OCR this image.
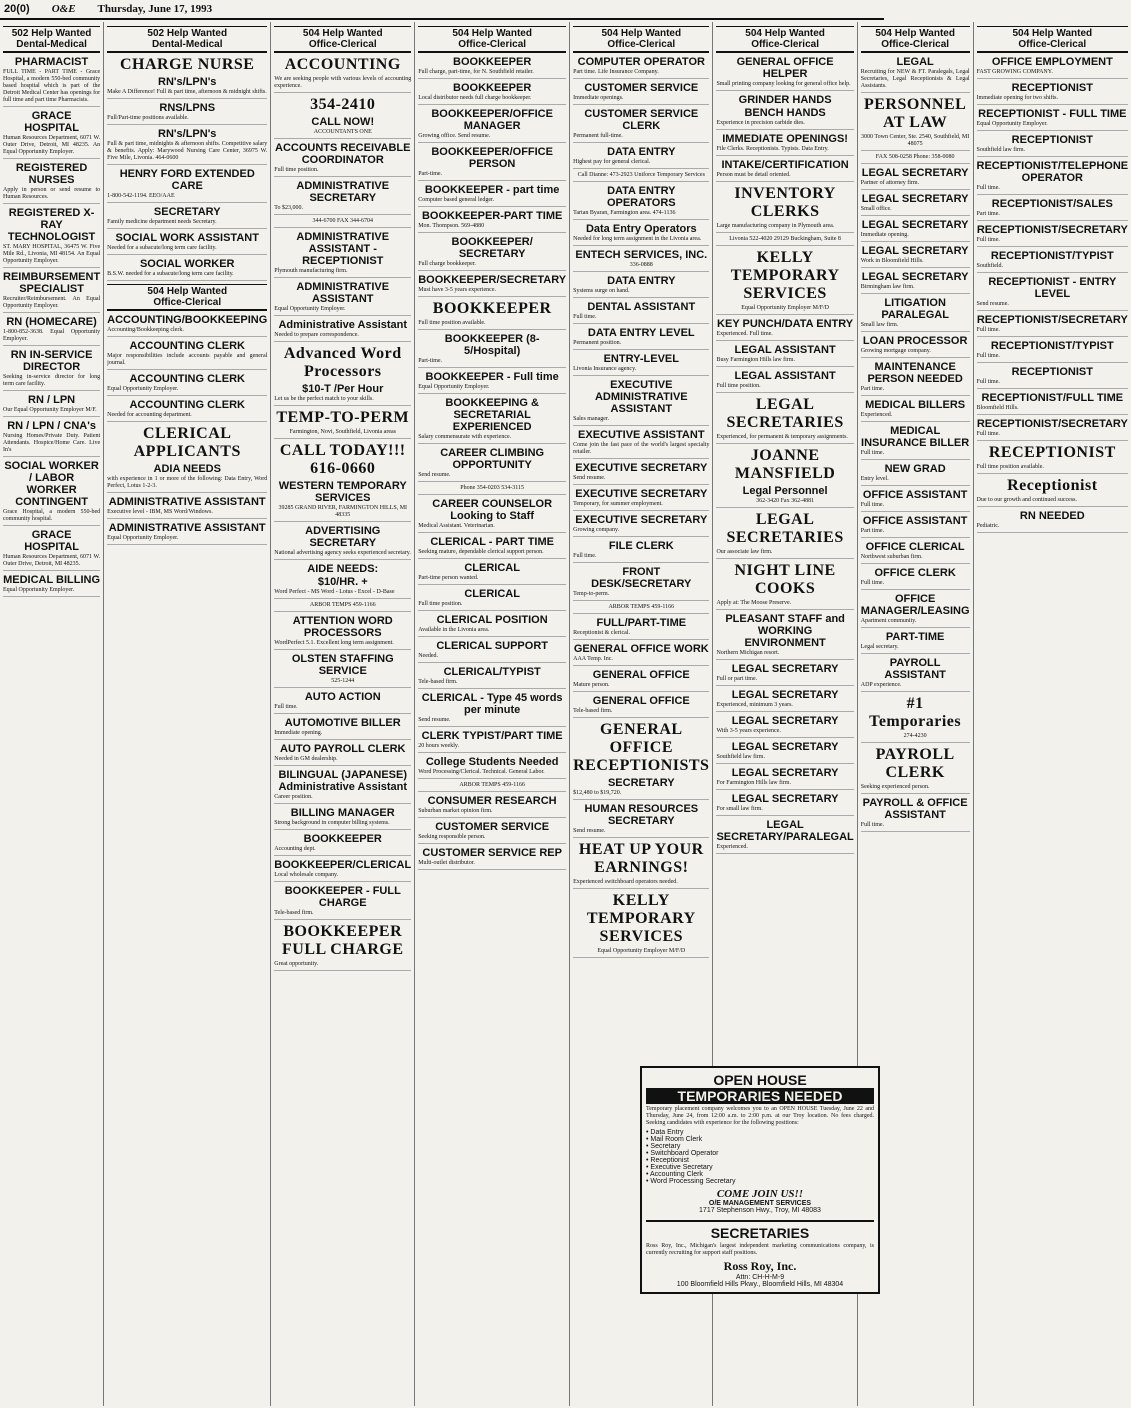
20(0) O&E Thursday, June 17, 1993
502 Help Wanted
Dental-Medical
PHARMACIST
FULL TIME - PART TIME - Grace Hospital, a modern 550-bed community based hospital which is part of the Detroit Medical Center has openings for full time and part time Pharmacists.
GRACE HOSPITAL
Human Resources Department, 6071 W. Outer Drive, Detroit, MI 48235. An Equal Opportunity Employer.
REGISTERED NURSES
Apply in person or send resume to Human Resources.
REGISTERED X-RAY TECHNOLOGIST
ST. MARY HOSPITAL, 36475 W. Five Mile Rd., Livonia, MI 48154. An Equal Opportunity Employer.
REIMBURSEMENT SPECIALIST
Recruiter/Reimbursement. An Equal Opportunity Employer.
RN (HOMECARE)
1-800-852-3638. Equal Opportunity Employer.
RN IN-SERVICE DIRECTOR
Seeking in-service director for long term care facility.
RN / LPN
Our Equal Opportunity Employer M/F.
RN / LPN / CNA's
Nursing Homes/Private Duty. Patient Attendants. Hospice/Home Care. Live In's
SOCIAL WORKER / LABOR WORKER CONTINGENT
Grace Hospital, a modern 550-bed community hospital.
GRACE HOSPITAL
Human Resources Department, 6071 W. Outer Drive, Detroit, MI 48235.
MEDICAL BILLING
Equal Opportunity Employer.
502 Help Wanted
Dental-Medical
CHARGE NURSE
RN's/LPN's
Make A Difference! Full & part time, afternoon & midnight shifts.
RNS/LPNS
Full/Part-time positions available.
RN's/LPN's
Full & part time, midnights & afternoon shifts. Competitive salary & benefits. Apply: Marywood Nursing Care Center, 36975 W. Five Mile, Livonia. 464-0600
HENRY FORD EXTENDED CARE
1-800-542-1194. EEO/AAE
SECRETARY
Family medicine department needs Secretary.
SOCIAL WORK ASSISTANT
Needed for a subacute/long term care facility.
SOCIAL WORKER
B.S.W. needed for a subacute/long term care facility.
504 Help Wanted
Office-Clerical
ACCOUNTING/BOOKKEEPING
Accounting/Bookkeeping clerk.
ACCOUNTING CLERK
Major responsibilities include accounts payable and general journal.
ACCOUNTING CLERK
Equal Opportunity Employer.
ACCOUNTING CLERK
Needed for accounting department.
CLERICAL APPLICANTS
ADIA NEEDS
with experience in 1 or more of the following: Data Entry, Word Perfect, Lotus 1-2-3.
ADMINISTRATIVE ASSISTANT
Executive level - IBM, MS Word/Windows.
ADMINISTRATIVE ASSISTANT
Equal Opportunity Employer.
504 Help Wanted
Office-Clerical
ACCOUNTING
We are seeking people with various levels of accounting experience.
354-2410
CALL NOW!
ACCOUNTANTS ONE
ACCOUNTS RECEIVABLE COORDINATOR
Full time position.
ADMINISTRATIVE SECRETARY
To $23,000.
344-6700 FAX 344-6704
ADMINISTRATIVE ASSISTANT - RECEPTIONIST
Plymouth manufacturing firm.
ADMINISTRATIVE ASSISTANT
Equal Opportunity Employer.
Administrative Assistant
Needed to prepare correspondence.
Advanced Word Processors
$10-T /Per Hour
Let us be the perfect match to your skills.
TEMP-TO-PERM
Farmington, Novi, Southfield, Livonia areas
CALL TODAY!!! 616-0660
WESTERN TEMPORARY SERVICES
39285 GRAND RIVER, FARMINGTON HILLS, MI 48335
ADVERTISING SECRETARY
National advertising agency seeks experienced secretary.
AIDE NEEDS:
$10/HR. +
Word Perfect - MS Word - Lotus - Excel - D-Base
ARBOR TEMPS 459-1166
ATTENTION WORD PROCESSORS
WordPerfect 5.1. Excellent long term assignment.
OLSTEN STAFFING SERVICE
525-1244
AUTO ACTION
Full time.
AUTOMOTIVE BILLER
Immediate opening.
AUTO PAYROLL CLERK
Needed in GM dealership.
BILINGUAL (JAPANESE) Administrative Assistant
Career position.
BILLING MANAGER
Strong background in computer billing systems.
BOOKKEEPER
Accounting dept.
BOOKKEEPER/CLERICAL
Local wholesale company.
BOOKKEEPER - FULL CHARGE
Tele-based firm.
BOOKKEEPER FULL CHARGE
Great opportunity.
504 Help Wanted
Office-Clerical
BOOKKEEPER
Full charge, part-time, for N. Southfield retailer.
BOOKKEEPER
Local distributor needs full charge bookkeeper.
BOOKKEEPER/OFFICE MANAGER
Growing office. Send resume.
BOOKKEEPER/OFFICE PERSON
Part-time.
BOOKKEEPER - part time
Computer based general ledger.
BOOKKEEPER-PART TIME
Mon. Thompson. 569-4880
BOOKKEEPER/ SECRETARY
Full charge bookkeeper.
BOOKKEEPER/SECRETARY
Must have 3-5 years experience.
BOOKKEEPER
Full time position available.
BOOKKEEPER (8-5/Hospital)
Part-time.
BOOKKEEPER - Full time
Equal Opportunity Employer.
BOOKKEEPING & SECRETARIAL EXPERIENCED
Salary commensurate with experience.
CAREER CLIMBING OPPORTUNITY
Send resume.
Phone 354-0203 534-3115
CAREER COUNSELOR Looking to Staff
Medical Assistant. Veterinarian.
CLERICAL - PART TIME
Seeking mature, dependable clerical support person.
CLERICAL
Part-time person wanted.
CLERICAL
Full time position.
CLERICAL POSITION
Available in the Livonia area.
CLERICAL SUPPORT
Needed.
CLERICAL/TYPIST
Tele-based firm.
CLERICAL - Type 45 words per minute
Send resume.
CLERK TYPIST/PART TIME
20 hours weekly.
College Students Needed
Word Processing/Clerical. Technical. General Labor.
ARBOR TEMPS 459-1166
CONSUMER RESEARCH
Suburban market opinion firm.
CUSTOMER SERVICE
Seeking responsible person.
CUSTOMER SERVICE REP
Multi-outlet distributor.
504 Help Wanted
Office-Clerical
COMPUTER OPERATOR
Part time. Life Insurance Company.
CUSTOMER SERVICE
Immediate openings.
CUSTOMER SERVICE CLERK
Permanent full-time.
DATA ENTRY
Highest pay for general clerical.
Call Dianne: 473-2923 Uniforce Temporary Services
DATA ENTRY OPERATORS
Tartan Byaran, Farmington area. 474-1136
Data Entry Operators
Needed for long term assignment in the Livonia area.
ENTECH SERVICES, INC.
336-0888
DATA ENTRY
Systems surge on hand.
DENTAL ASSISTANT
Full time.
DATA ENTRY LEVEL
Permanent position.
ENTRY-LEVEL
Livonia Insurance agency.
EXECUTIVE ADMINISTRATIVE ASSISTANT
Sales manager.
EXECUTIVE ASSISTANT
Come join the fast pace of the world's largest specialty retailer.
EXECUTIVE SECRETARY
Send resume.
EXECUTIVE SECRETARY
Temporary, for summer employment.
EXECUTIVE SECRETARY
Growing company.
FILE CLERK
Full time.
FRONT DESK/SECRETARY
Temp-to-perm.
ARBOR TEMPS 459-1166
FULL/PART-TIME
Receptionist & clerical.
GENERAL OFFICE WORK
AAA Temp. Inc.
GENERAL OFFICE
Mature person.
GENERAL OFFICE
Tele-based firm.
GENERAL OFFICE RECEPTIONISTS
SECRETARY
$12,480 to $19,720.
HUMAN RESOURCES SECRETARY
Send resume.
HEAT UP YOUR EARNINGS!
Experienced switchboard operators needed.
KELLY TEMPORARY SERVICES
Equal Opportunity Employer M/F/D
504 Help Wanted
Office-Clerical
GENERAL OFFICE HELPER
Small printing company looking for general office help.
GRINDER HANDS
BENCH HANDS
Experience in precision carbide dies.
IMMEDIATE OPENINGS!
File Clerks. Receptionists. Typists. Data Entry.
INTAKE/CERTIFICATION
Person must be detail oriented.
INVENTORY CLERKS
Large manufacturing company in Plymouth area.
Livonia 522-4020 29129 Buckingham, Suite 8
KELLY TEMPORARY SERVICES
Equal Opportunity Employer M/F/D
KEY PUNCH/DATA ENTRY
Experienced. Full time.
LEGAL ASSISTANT
Busy Farmington Hills law firm.
LEGAL ASSISTANT
Full time position.
LEGAL SECRETARIES
Experienced, for permanent & temporary assignments.
JOANNE MANSFIELD
Legal Personnel
362-3420 Fax 362-4881
LEGAL SECRETARIES
Our associate law firm.
NIGHT LINE COOKS
Apply at: The Moose Preserve.
PLEASANT STAFF and WORKING ENVIRONMENT
Northern Michigan resort.
LEGAL SECRETARY
Full or part time.
LEGAL SECRETARY
Experienced, minimum 3 years.
LEGAL SECRETARY
With 3-5 years experience.
LEGAL SECRETARY
Southfield law firm.
LEGAL SECRETARY
For Farmington Hills law firm.
LEGAL SECRETARY
For small law firm.
LEGAL SECRETARY/PARALEGAL
Experienced.
504 Help Wanted
Office-Clerical
LEGAL
Recruiting for NEW & FT. Paralegals, Legal Secretaries, Legal Receptionists & Legal Assistants.
PERSONNEL AT LAW
3000 Town Center, Ste. 2540, Southfield, MI 48075
FAX 508-0258 Phone: 358-0080
LEGAL SECRETARY
Partner of attorney firm.
LEGAL SECRETARY
Small office.
LEGAL SECRETARY
Immediate opening.
LEGAL SECRETARY
Work in Bloomfield Hills.
LEGAL SECRETARY
Birmingham law firm.
LITIGATION PARALEGAL
Small law firm.
LOAN PROCESSOR
Growing mortgage company.
MAINTENANCE PERSON NEEDED
Part time.
MEDICAL BILLERS
Experienced.
MEDICAL INSURANCE BILLER
Full time.
NEW GRAD
Entry level.
OFFICE ASSISTANT
Full time.
OFFICE ASSISTANT
Part time.
OFFICE CLERICAL
Northwest suburban firm.
OFFICE CLERK
Full time.
OFFICE MANAGER/LEASING
Apartment community.
PART-TIME
Legal secretary.
PAYROLL ASSISTANT
ADP experience.
#1 Temporaries
274-4230
PAYROLL CLERK
Seeking experienced person.
PAYROLL & OFFICE ASSISTANT
Full time.
504 Help Wanted
Office-Clerical
OFFICE EMPLOYMENT
FAST GROWING COMPANY.
RECEPTIONIST
Immediate opening for two shifts.
RECEPTIONIST - FULL TIME
Equal Opportunity Employer.
RECEPTIONIST
Southfield law firm.
RECEPTIONIST/TELEPHONE OPERATOR
Full time.
RECEPTIONIST/SALES
Part time.
RECEPTIONIST/SECRETARY
Full time.
RECEPTIONIST/TYPIST
Southfield.
RECEPTIONIST - ENTRY LEVEL
Send resume.
RECEPTIONIST/SECRETARY
Full time.
RECEPTIONIST/TYPIST
Full time.
RECEPTIONIST
Full time.
RECEPTIONIST/FULL TIME
Bloomfield Hills.
RECEPTIONIST/SECRETARY
Full time.
RECEPTIONIST
Full time position available.
Receptionist
Due to our growth and continued success.
RN NEEDED
Pediatric.
OPEN HOUSE
TEMPORARIES NEEDED
Temporary placement company welcomes you to an OPEN HOUSE Tuesday, June 22 and Thursday, June 24, from 12:00 a.m. to 2:00 p.m. at our Troy location. No fees charged. Seeking candidates with experience for the following positions:
• Data Entry
• Mail Room Clerk
• Secretary
• Switchboard Operator
• Receptionist
• Executive Secretary
• Accounting Clerk
• Word Processing Secretary
COME JOIN US!!
O/E MANAGEMENT SERVICES
1717 Stephenson Hwy., Troy, MI 48083
SECRETARIES
Ross Roy, Inc., Michigan's largest independent marketing communications company, is currently recruiting for support staff positions.
Ross Roy, Inc.
Attn: CH-H-M-9
100 Bloomfield Hills Pkwy., Bloomfield Hills, MI 48304
